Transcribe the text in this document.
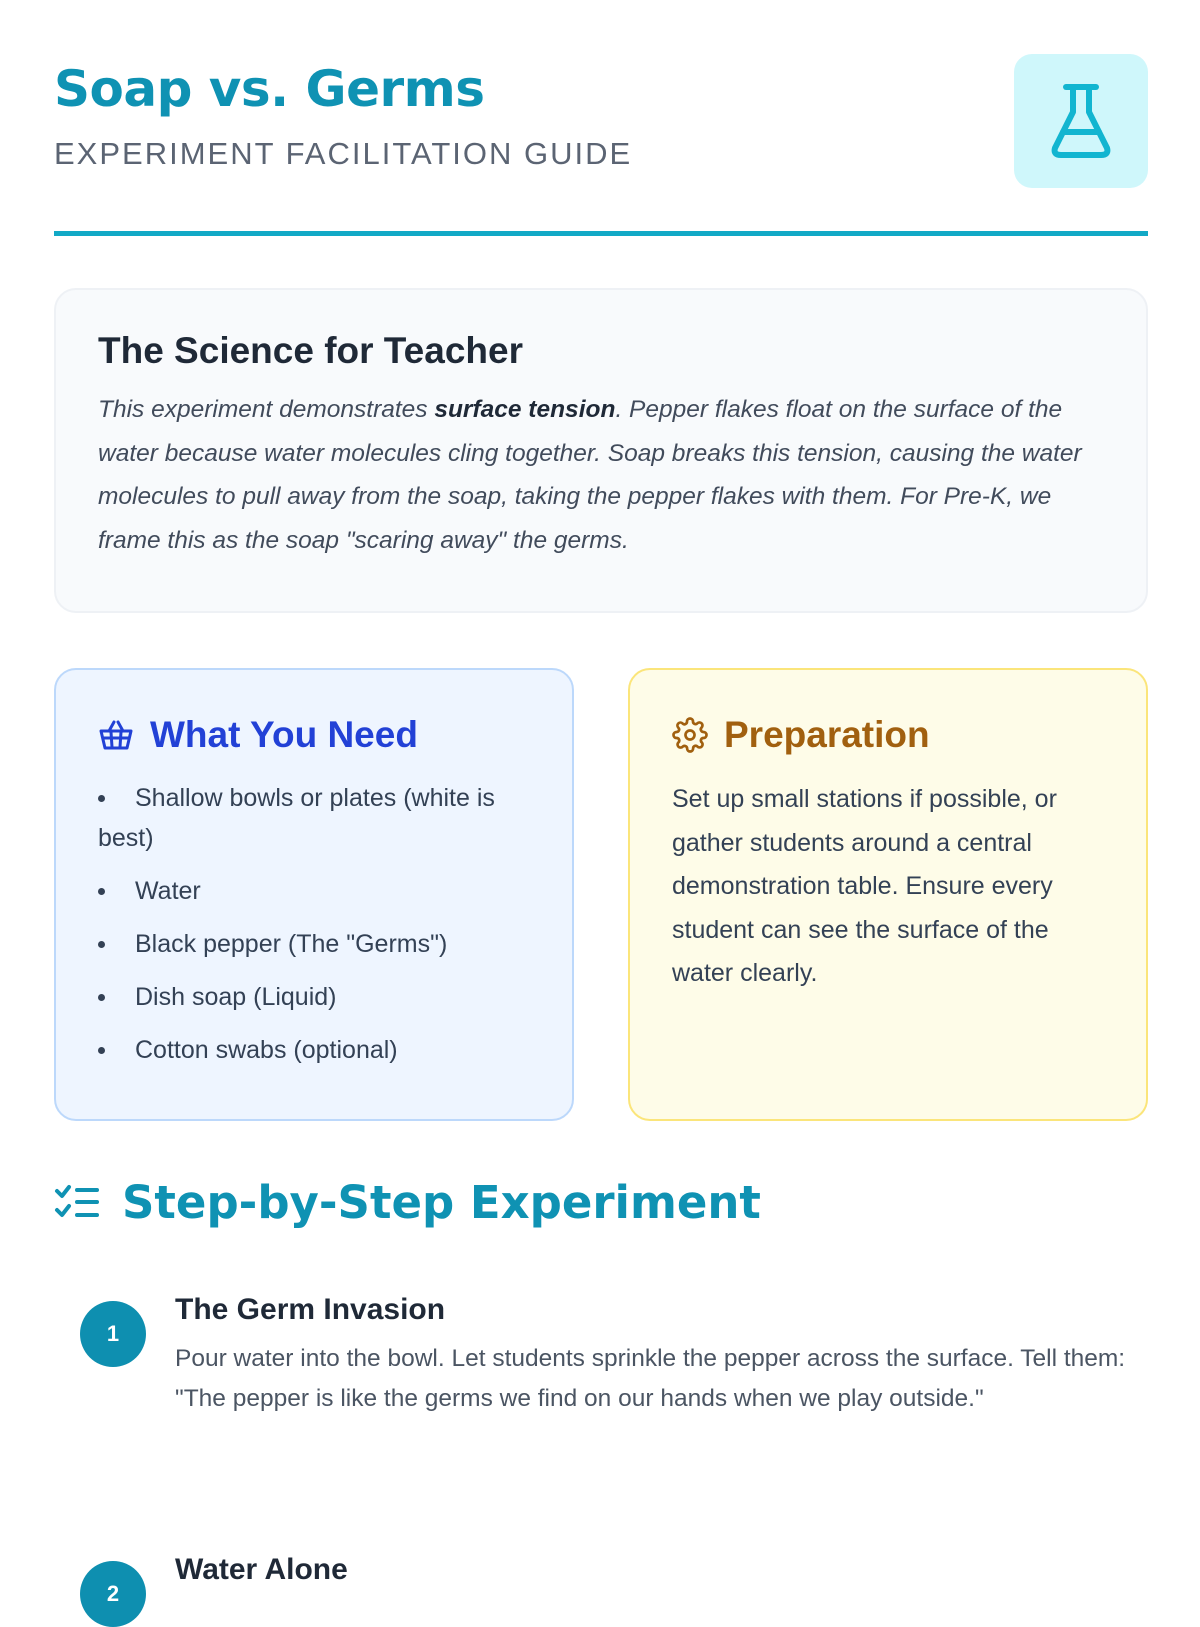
Soap vs. Germs
EXPERIMENT FACILITATION GUIDE
The Science for Teacher

This experiment demonstrates surface tension. Pepper flakes float on the surface of the water because water molecules cling together. Soap breaks this tension, causing the water molecules to pull away from the soap, taking the pepper flakes with them. For Pre-K, we frame this as the soap "scaring away" the germs.

What You Need
Shallow bowls or plates (white is best)
Water
Black pepper (The "Germs")
Dish soap (Liquid)
Cotton swabs (optional)
Preparation

Set up small stations if possible, or gather students around a central demonstration table. Ensure every student can see the surface of the water clearly.

Step-by-Step Experiment
1
The Germ Invasion

Pour water into the bowl. Let students sprinkle the pepper across the surface. Tell them: "The pepper is like the germs we find on our hands when we play outside."

2
Water Alone
